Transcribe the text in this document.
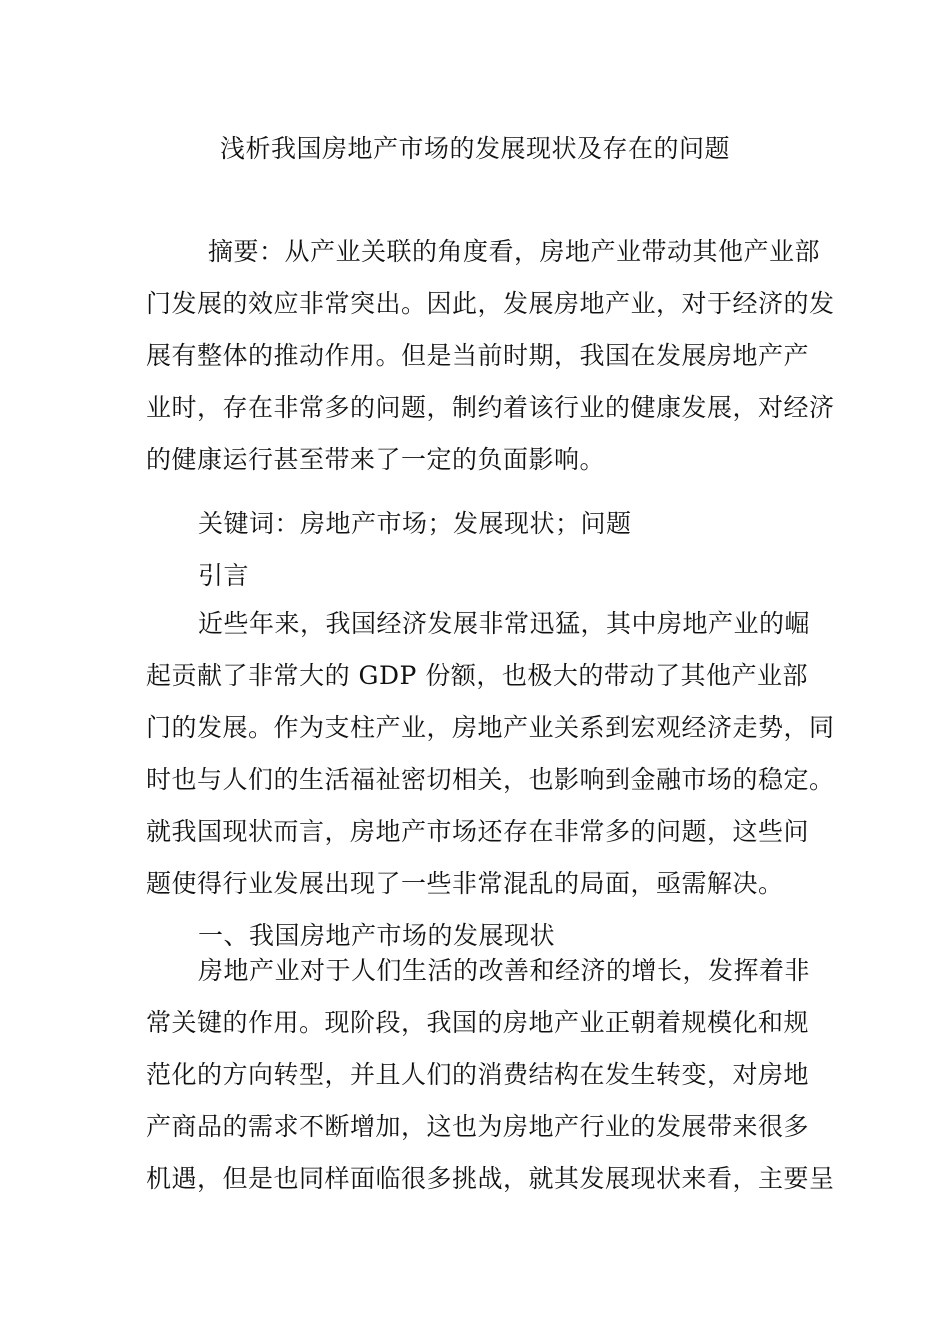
浅析我国房地产市场的发展现状及存在的问题
摘要：从产业关联的角度看，房地产业带动其他产业部
门发展的效应非常突出。因此，发展房地产业，对于经济的发
展有整体的推动作用。但是当前时期，我国在发展房地产产
业时，存在非常多的问题，制约着该行业的健康发展，对经济
的健康运行甚至带来了一定的负面影响。
关键词：房地产市场；发展现状；问题
引言
近些年来，我国经济发展非常迅猛，其中房地产业的崛
起贡献了非常大的 GDP 份额，也极大的带动了其他产业部
门的发展。作为支柱产业，房地产业关系到宏观经济走势，同
时也与人们的生活福祉密切相关，也影响到金融市场的稳定。
就我国现状而言，房地产市场还存在非常多的问题，这些问
题使得行业发展出现了一些非常混乱的局面，亟需解决。
一、我国房地产市场的发展现状
房地产业对于人们生活的改善和经济的增长，发挥着非
常关键的作用。现阶段，我国的房地产业正朝着规模化和规
范化的方向转型，并且人们的消费结构在发生转变，对房地
产商品的需求不断增加，这也为房地产行业的发展带来很多
机遇，但是也同样面临很多挑战，就其发展现状来看，主要呈
